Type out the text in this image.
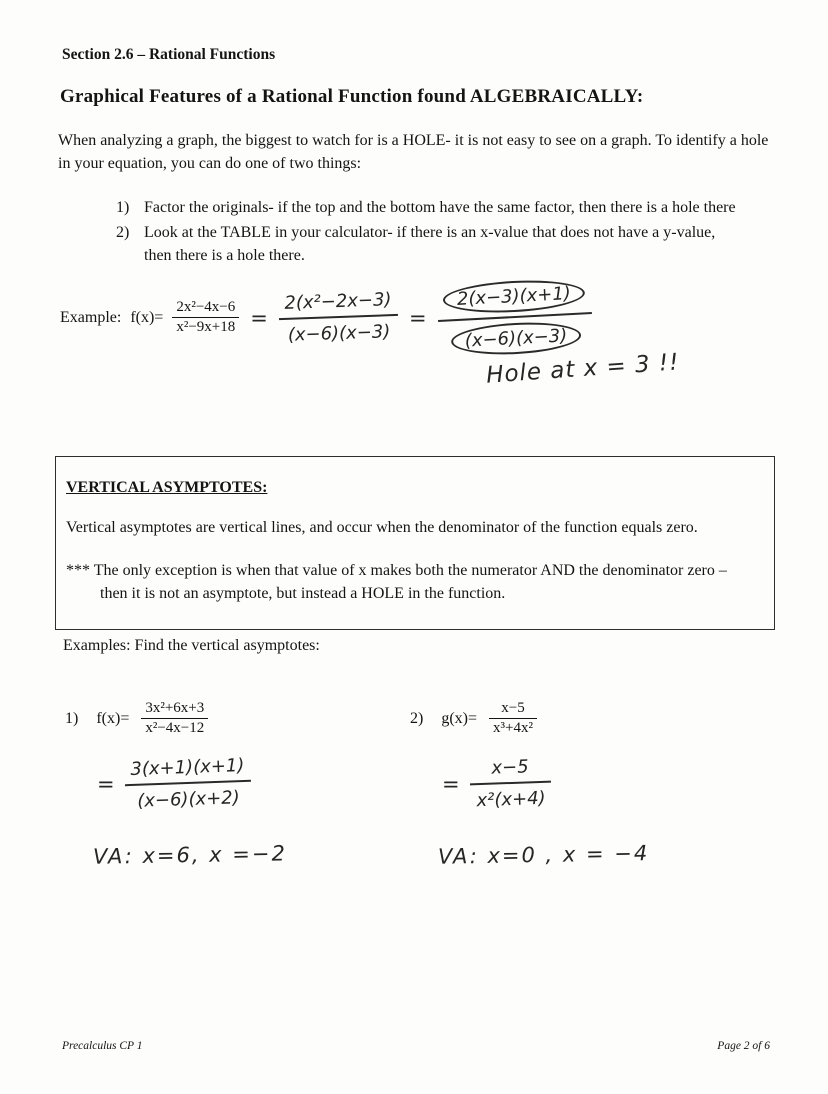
Section 2.6 – Rational Functions
Graphical Features of a Rational Function found ALGEBRAICALLY:

When analyzing a graph, the biggest to watch for is a HOLE- it is not easy to see on a graph. To identify a hole in your equation, you can do one of two things:

1) Factor the originals- if the top and the bottom have the same factor, then there is a hole there
2) Look at the TABLE in your calculator- if there is an x-value that does not have a y-value, then there is a hole there.
Example: $f(x)= \frac{\text{2x²−4x−6}}{\text{x²−9x+18}} = \frac{\text{2(x²−2x−3)}}{(x-6)(x-3)} = \frac{2(x-3)(x+1)}{(x-6)(x-3)}$
Hole at x = 3 !!
VERTICAL ASYMPTOTES:

Vertical asymptotes are vertical lines, and occur when the denominator of the function equals zero.

*** The only exception is when that value of x makes both the numerator AND the denominator zero – then it is not an asymptote, but instead a HOLE in the function.

Examples: Find the vertical asymptotes:
1) $f(x)= \frac{\text{3x²+6x+3}}{\text{x²−4x−12}}$
= $\frac{3(x+1)(x+1)}{(x-6)(x+2)}$
VA: x=6, x =−2
2) $g(x)= \frac{x-5}{\text{x³+4x²}}$
= $\frac{x-5}{\text{x²(x+4)}}$
VA: x=0 , x = −4
Precalculus CP 1	Page 2 of 6
